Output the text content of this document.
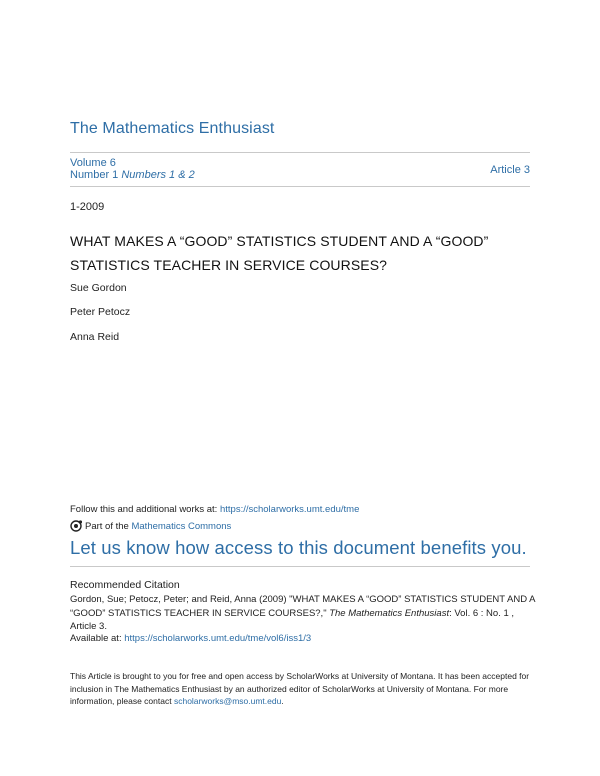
The Mathematics Enthusiast
Volume 6
Number 1 Numbers 1 & 2	Article 3
1-2009
WHAT MAKES A “GOOD” STATISTICS STUDENT AND A “GOOD” STATISTICS TEACHER IN SERVICE COURSES?
Sue Gordon
Peter Petocz
Anna Reid
Follow this and additional works at: https://scholarworks.umt.edu/tme
Part of the
Mathematics Commons
Let us know how access to this document benefits you.
Recommended Citation
Gordon, Sue; Petocz, Peter; and Reid, Anna (2009) "WHAT MAKES A “GOOD” STATISTICS STUDENT AND A “GOOD” STATISTICS TEACHER IN SERVICE COURSES?," The Mathematics Enthusiast: Vol. 6 : No. 1 , Article 3.
Available at: https://scholarworks.umt.edu/tme/vol6/iss1/3
This Article is brought to you for free and open access by ScholarWorks at University of Montana. It has been accepted for inclusion in The Mathematics Enthusiast by an authorized editor of ScholarWorks at University of Montana. For more information, please contact scholarworks@mso.umt.edu.
